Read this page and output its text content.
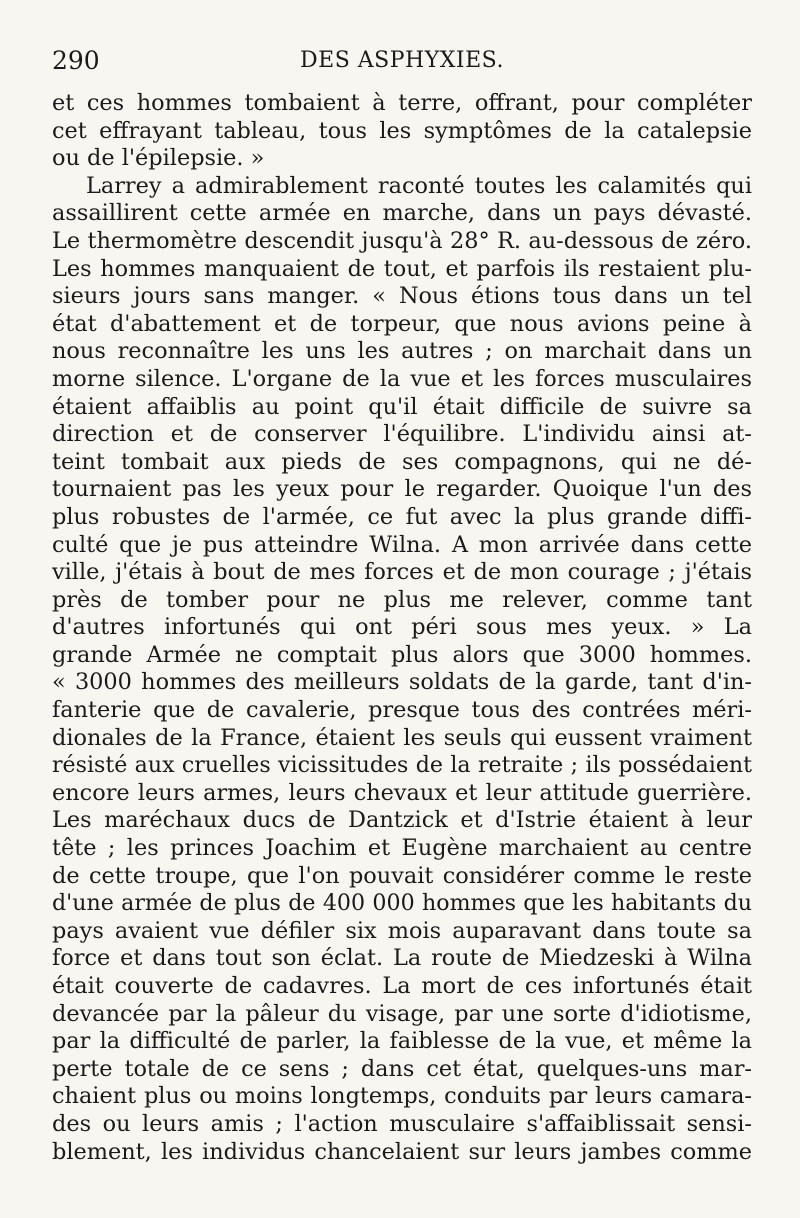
290	DES ASPHYXIES.
et ces hommes tombaient à terre, offrant, pour compléter
cet effrayant tableau, tous les symptômes de la catalepsie
ou de l'épilepsie. »
Larrey a admirablement raconté toutes les calamités qui
assaillirent cette armée en marche, dans un pays dévasté.
Le thermomètre descendit jusqu'à 28° R. au-dessous de zéro.
Les hommes manquaient de tout, et parfois ils restaient plu-
sieurs jours sans manger. « Nous étions tous dans un tel
état d'abattement et de torpeur, que nous avions peine à
nous reconnaître les uns les autres ; on marchait dans un
morne silence. L'organe de la vue et les forces musculaires
étaient affaiblis au point qu'il était difficile de suivre sa
direction et de conserver l'équilibre. L'individu ainsi at-
teint tombait aux pieds de ses compagnons, qui ne dé-
tournaient pas les yeux pour le regarder. Quoique l'un des
plus robustes de l'armée, ce fut avec la plus grande diffi-
culté que je pus atteindre Wilna. A mon arrivée dans cette
ville, j'étais à bout de mes forces et de mon courage ; j'étais
près de tomber pour ne plus me relever, comme tant
d'autres infortunés qui ont péri sous mes yeux. » La
grande Armée ne comptait plus alors que 3000 hommes.
« 3000 hommes des meilleurs soldats de la garde, tant d'in-
fanterie que de cavalerie, presque tous des contrées méri-
dionales de la France, étaient les seuls qui eussent vraiment
résisté aux cruelles vicissitudes de la retraite ; ils possédaient
encore leurs armes, leurs chevaux et leur attitude guerrière.
Les maréchaux ducs de Dantzick et d'Istrie étaient à leur
tête ; les princes Joachim et Eugène marchaient au centre
de cette troupe, que l'on pouvait considérer comme le reste
d'une armée de plus de 400 000 hommes que les habitants du
pays avaient vue défiler six mois auparavant dans toute sa
force et dans tout son éclat. La route de Miedzeski à Wilna
était couverte de cadavres. La mort de ces infortunés était
devancée par la pâleur du visage, par une sorte d'idiotisme,
par la difficulté de parler, la faiblesse de la vue, et même la
perte totale de ce sens ; dans cet état, quelques-uns mar-
chaient plus ou moins longtemps, conduits par leurs camara-
des ou leurs amis ; l'action musculaire s'affaiblissait sensi-
blement, les individus chancelaient sur leurs jambes comme
